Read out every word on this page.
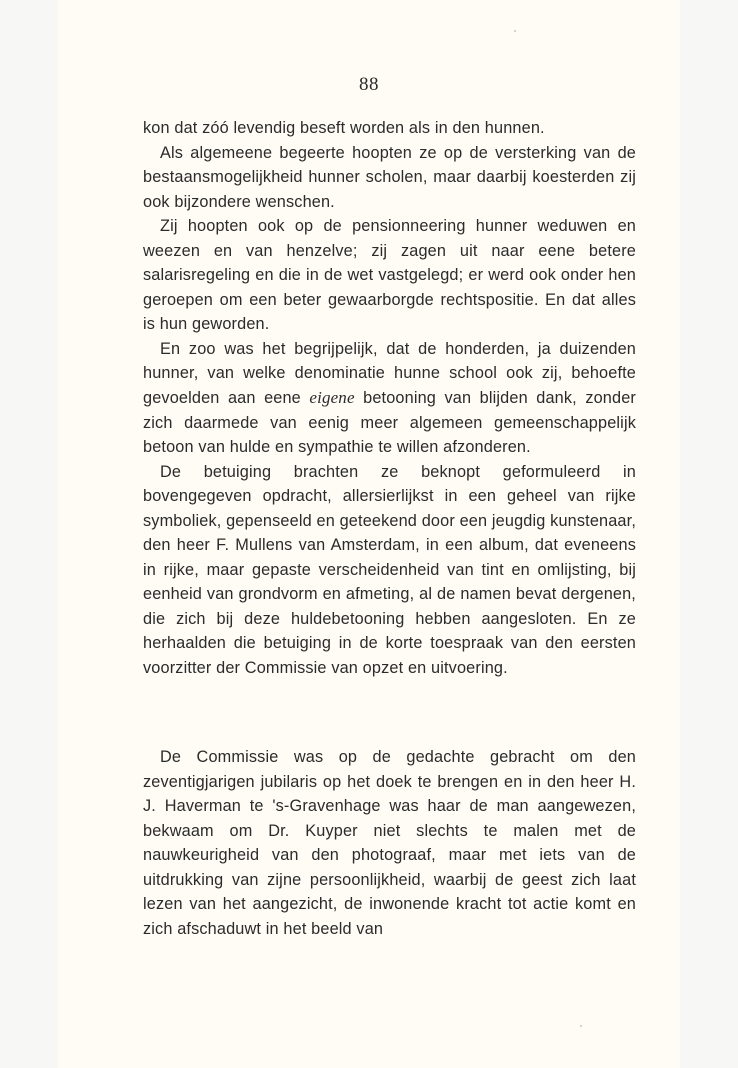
88

kon dat zóó levendig beseft worden als in den hunnen.

Als algemeene begeerte hoopten ze op de versterking van de bestaansmogelijkheid hunner scholen, maar daarbij koesterden zij ook bijzondere wenschen.

Zij hoopten ook op de pensionneering hunner weduwen en weezen en van henzelve; zij zagen uit naar eene betere salarisregeling en die in de wet vastgelegd; er werd ook onder hen geroepen om een beter gewaarborgde rechtspositie. En dat alles is hun geworden.

En zoo was het begrijpelijk, dat de honderden, ja duizenden hunner, van welke denominatie hunne school ook zij, behoefte gevoelden aan eene eigene betooning van blijden dank, zonder zich daarmede van eenig meer algemeen gemeenschappelijk betoon van hulde en sympathie te willen afzonderen.

De betuiging brachten ze beknopt geformuleerd in bovengegeven opdracht, allersierlijkst in een geheel van rijke symboliek, gepenseeld en geteekend door een jeugdig kunstenaar, den heer F. Mullens van Amsterdam, in een album, dat eveneens in rijke, maar gepaste verscheidenheid van tint en omlijsting, bij eenheid van grondvorm en afmeting, al de namen bevat dergenen, die zich bij deze huldebetooning hebben aangesloten. En ze herhaalden die betuiging in de korte toespraak van den eersten voorzitter der Commissie van opzet en uitvoering.

De Commissie was op de gedachte gebracht om den zeventigjarigen jubilaris op het doek te brengen en in den heer H. J. Haverman te 's-Gravenhage was haar de man aangewezen, bekwaam om Dr. Kuyper niet slechts te malen met de nauwkeurigheid van den photograaf, maar met iets van de uitdrukking van zijne persoonlijkheid, waarbij de geest zich laat lezen van het aangezicht, de inwonende kracht tot actie komt en zich afschaduwt in het beeld van
